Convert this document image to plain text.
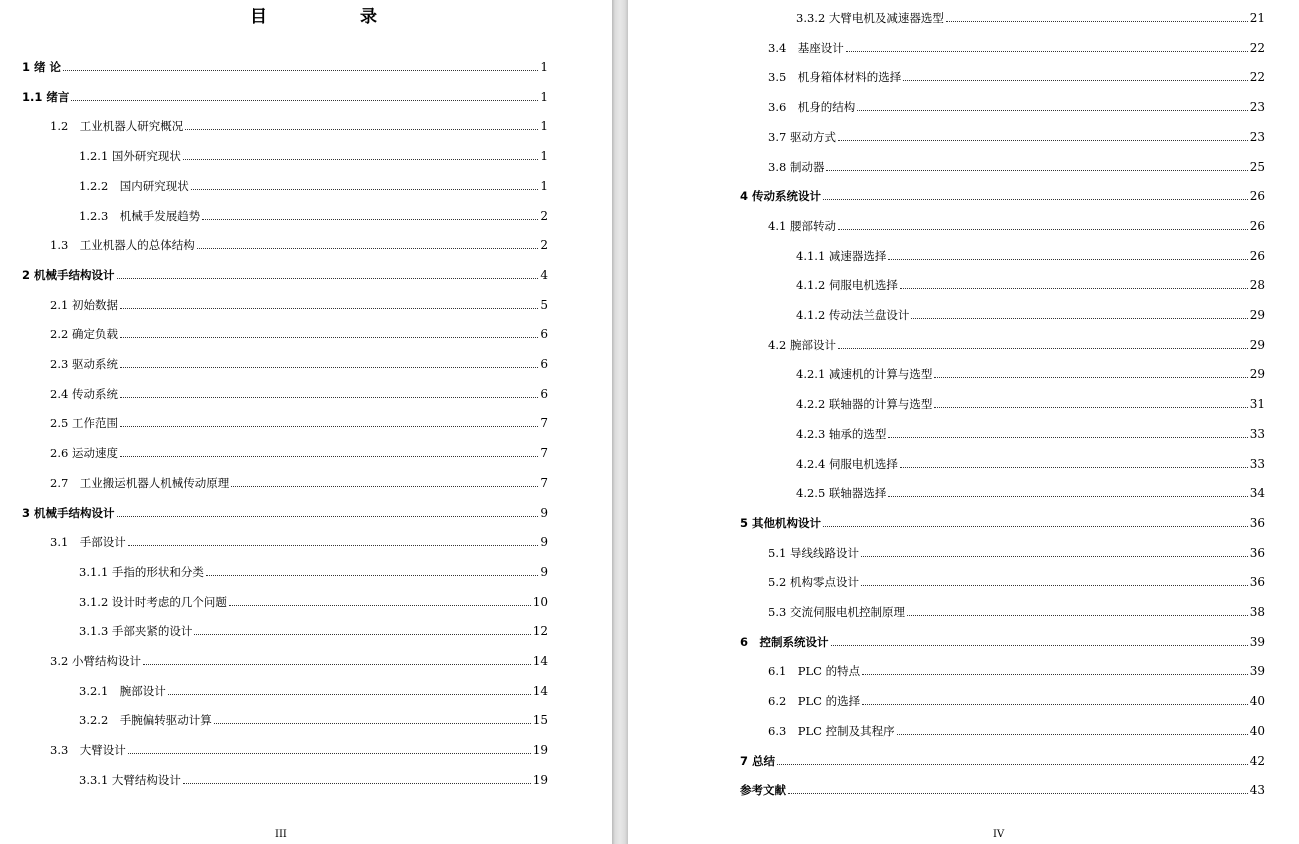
目　录
1 绪 论	1
1.1 绪言	1
1.2　工业机器人研究概况	1
1.2.1 国外研究现状	1
1.2.2　国内研究现状	1
1.2.3　机械手发展趋势	2
1.3　工业机器人的总体结构	2
2 机械手结构设计	4
2.1 初始数据	5
2.2 确定负载	6
2.3 驱动系统	6
2.4 传动系统	6
2.5 工作范围	7
2.6 运动速度	7
2.7　工业搬运机器人机械传动原理	7
3 机械手结构设计	9
3.1　手部设计	9
3.1.1 手指的形状和分类	9
3.1.2 设计时考虑的几个问题	10
3.1.3 手部夹紧的设计	12
3.2 小臂结构设计	14
3.2.1　腕部设计	14
3.2.2　手腕偏转驱动计算	15
3.3　大臂设计	19
3.3.1 大臂结构设计	19
III
3.3.2 大臂电机及减速器选型	21
3.4　基座设计	22
3.5　机身箱体材料的选择	22
3.6　机身的结构	23
3.7 驱动方式	23
3.8 制动器	25
4 传动系统设计	26
4.1 腰部转动	26
4.1.1 减速器选择	26
4.1.2 伺服电机选择	28
4.1.2 传动法兰盘设计	29
4.2 腕部设计	29
4.2.1 减速机的计算与选型	29
4.2.2 联轴器的计算与选型	31
4.2.3 轴承的选型	33
4.2.4 伺服电机选择	33
4.2.5 联轴器选择	34
5 其他机构设计	36
5.1 导线线路设计	36
5.2 机构零点设计	36
5.3 交流伺服电机控制原理	38
6　控制系统设计	39
6.1　PLC 的特点	39
6.2　PLC 的选择	40
6.3　PLC 控制及其程序	40
7 总结	42
参考文献	43
IV
